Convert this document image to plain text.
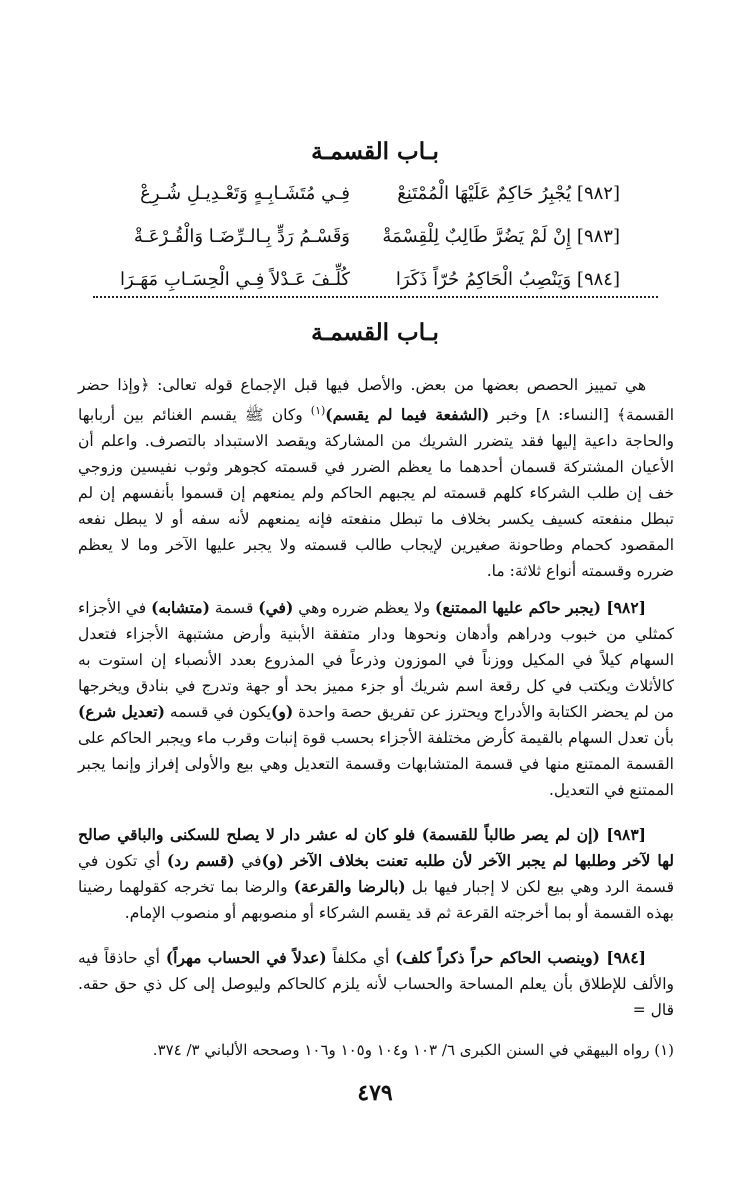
بـاب القسمـة
[٩٨٢] يُجْبِرُ حَاكِمٌ عَلَيْهَا الْمُمْتَنِعْ
فِـي مُتَشَـابِـهٍ وَتَعْـدِيـلِ شُـرِعْ
[٩٨٣] إِنْ لَمْ يَضُرَّ طَالِبٌ لِلْقِسْمَةْ
وَقَسْـمُ رَدٍّ بِـالـرِّضَـا وَالْقُـرْعَـةْ
[٩٨٤] وَيَنْصِبُ الْحَاكِمُ حُرّاً ذَكَرَا
كُلِّـفَ عَـدْلاً فِـي الْحِسَـابِ مَهَـرَا
بـاب القسمـة

هي تمييز الحصص بعضها من بعض. والأصل فيها قبل الإجماع قوله تعالى: ﴿وإذا حضر القسمة﴾ [النساء: ٨] وخبر (الشفعة فيما لم يقسم)$^{(١)}$ وكان ﷺ يقسم الغنائم بين أربابها والحاجة داعية إليها فقد يتضرر الشريك من المشاركة ويقصد الاستبداد بالتصرف. واعلم أن الأعيان المشتركة قسمان أحدهما ما يعظم الضرر في قسمته كجوهر وثوب نفيسين وزوجي خف إن طلب الشركاء كلهم قسمته لم يجبهم الحاكم ولم يمنعهم إن قسموا بأنفسهم إن لم تبطل منفعته كسيف يكسر بخلاف ما تبطل منفعته فإنه يمنعهم لأنه سفه أو لا يبطل نفعه المقصود كحمام وطاحونة صغيرين لإيجاب طالب قسمته ولا يجبر عليها الآخر وما لا يعظم ضرره وقسمته أنواع ثلاثة: ما.

[٩٨٢] (يجبر حاكم عليها الممتنع) ولا يعظم ضرره وهي (في) قسمة (متشابه) في الأجزاء كمثلي من خبوب ودراهم وأدهان ونحوها ودار متفقة الأبنية وأرض مشتبهة الأجزاء فتعدل السهام كيلاً في المكيل ووزناً في الموزون وذرعاً في المذروع بعدد الأنصباء إن استوت به كالأثلاث ويكتب في كل رقعة اسم شريك أو جزء مميز بحد أو جهة وتدرج في بنادق ويخرجها من لم يحضر الكتابة والأدراج ويحترز عن تفريق حصة واحدة (و)يكون في قسمه (تعديل شرع) بأن تعدل السهام بالقيمة كأرض مختلفة الأجزاء بحسب قوة إنبات وقرب ماء ويجبر الحاكم على القسمة الممتنع منها في قسمة المتشابهات وقسمة التعديل وهي بيع والأولى إفراز وإنما يجبر الممتنع في التعديل.

[٩٨٣] (إن لم يصر طالباً للقسمة) فلو كان له عشر دار لا يصلح للسكنى والباقي صالح لها لآخر وطلبها لم يجبر الآخر لأن طلبه تعنت بخلاف الآخر (و)في (قسم رد) أي تكون في قسمة الرد وهي بيع لكن لا إجبار فيها بل (بالرضا والقرعة) والرضا بما تخرجه كقولهما رضينا بهذه القسمة أو بما أخرجته القرعة ثم قد يقسم الشركاء أو منصوبهم أو منصوب الإمام.

[٩٨٤] (وينصب الحاكم حراً ذكراً كلف) أي مكلفاً (عدلاً في الحساب مهراً) أي حاذقاً فيه والألف للإطلاق بأن يعلم المساحة والحساب لأنه يلزم كالحاكم وليوصل إلى كل ذي حق حقه. قال =

(١) رواه البيهقي في السنن الكبرى ٦/ ١٠٣ و١٠٤ و١٠٥ و١٠٦ وصححه الألباني ٣/ ٣٧٤.
٤٧٩
